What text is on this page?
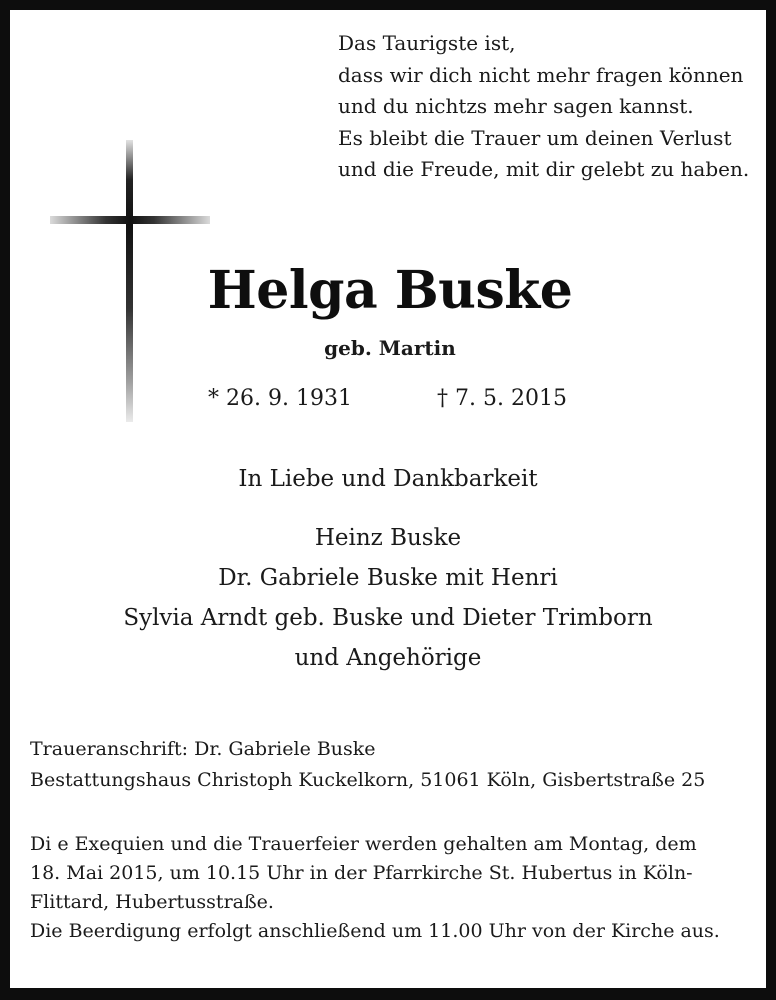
Das Taurigste ist,
dass wir dich nicht mehr fragen können
und du nichtzs mehr sagen kannst.
Es bleibt die Trauer um deinen Verlust
und die Freude, mit dir gelebt zu haben.
Helga Buske
geb. Martin
* 26. 9. 1931	† 7. 5. 2015
In Liebe und Dankbarkeit
Heinz Buske
Dr. Gabriele Buske mit Henri
Sylvia Arndt geb. Buske und Dieter Trimborn
und Angehörige
Traueranschrift: Dr. Gabriele Buske
Bestattungshaus Christoph Kuckelkorn, 51061 Köln, Gisbertstraße 25
Di e Exequien und die Trauerfeier werden gehalten am Montag, dem
18. Mai 2015, um 10.15 Uhr in der Pfarrkirche St. Hubertus in Köln-
Flittard, Hubertusstraße.
Die Beerdigung erfolgt anschließend um 11.00 Uhr von der Kirche aus.
